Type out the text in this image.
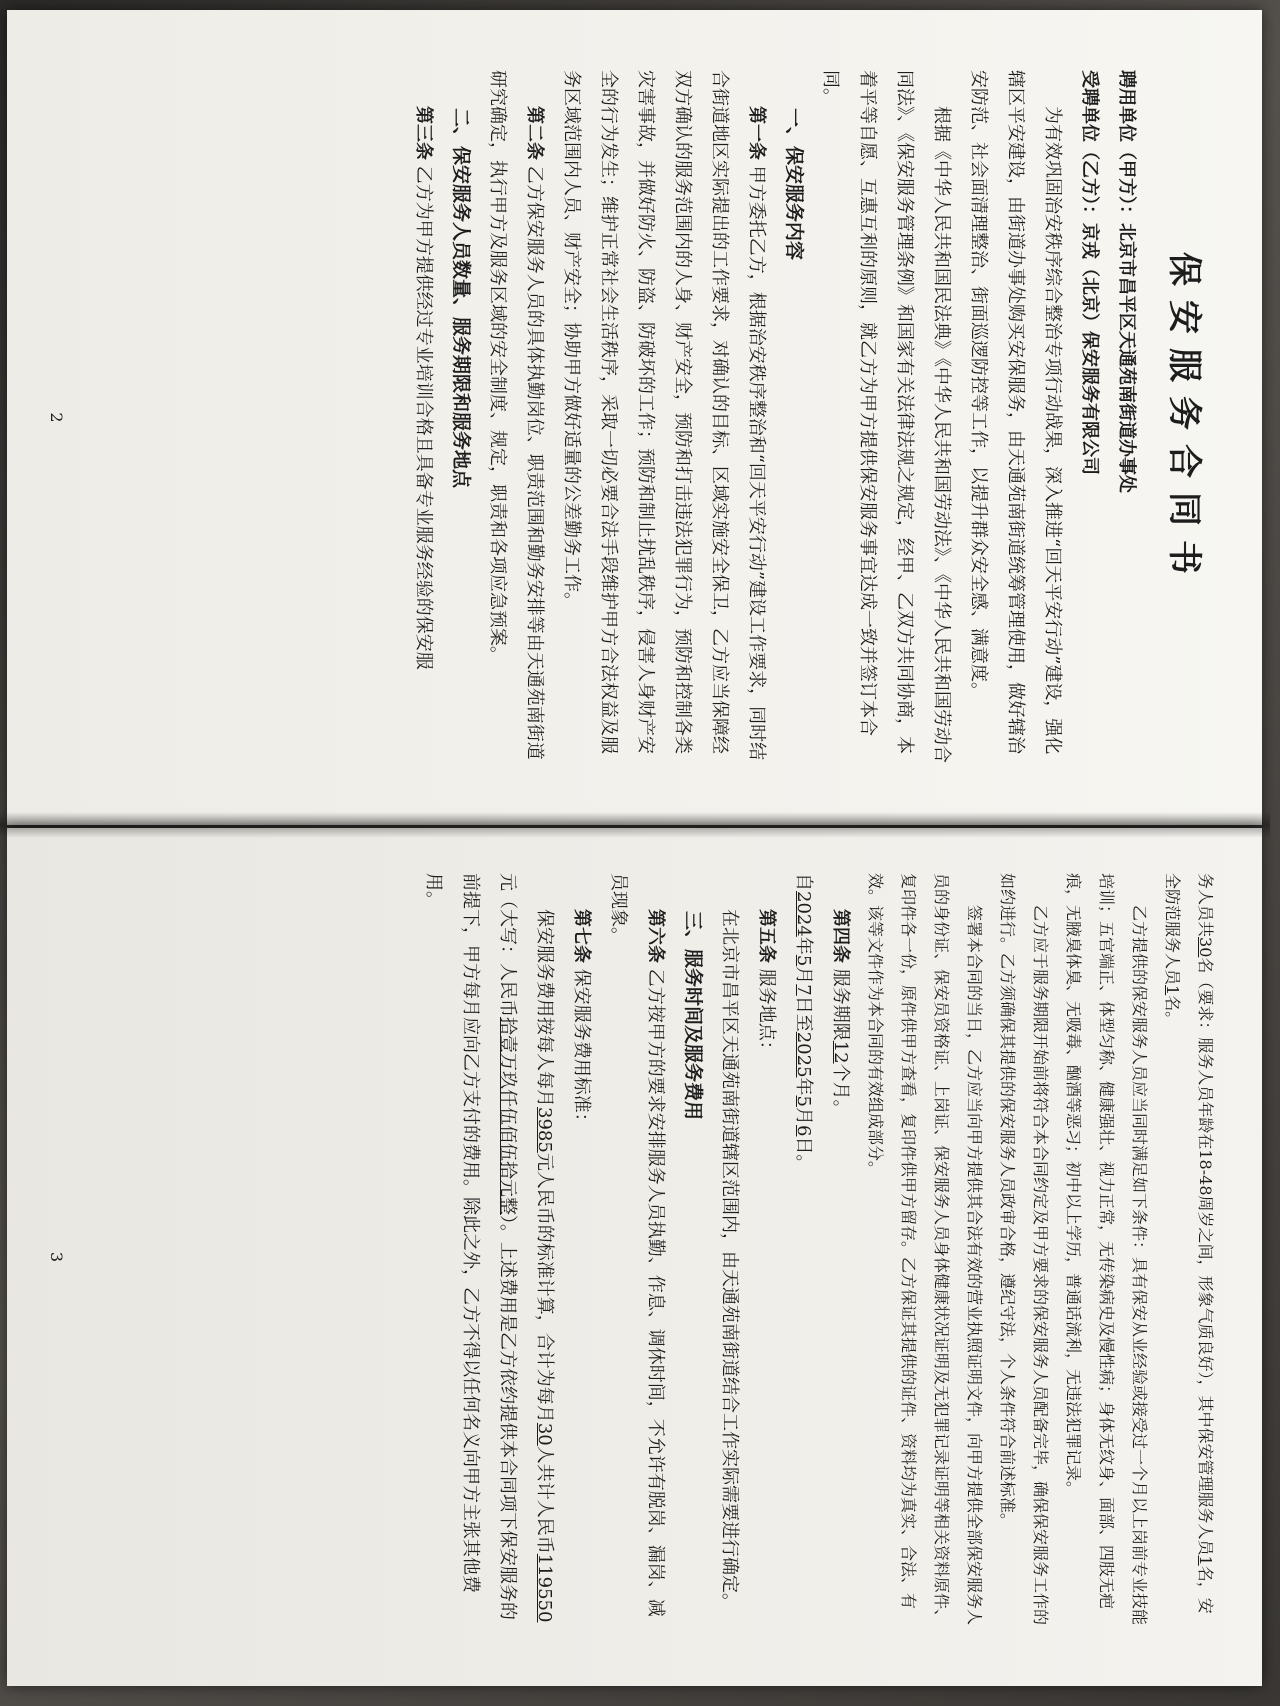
保安服务合同书

聘用单位（甲方）：北京市昌平区天通苑南街道办事处

受聘单位（乙方）：京戎（北京）保安服务有限公司

为有效巩固治安秩序综合整治专项行动战果，深入推进“回天平安行动”建设，强化辖区平安建设，由街道办事处购买安保服务，由天通苑南街道统筹管理使用，做好辖治安防范、社会面清理整治、街面巡逻防控等工作，以提升群众安全感、满意度。

根据《中华人民共和国民法典》《中华人民共和国劳动法》、《中华人民共和国劳动合同法》、《保安服务管理条例》和国家有关法律法规之规定，经甲、乙双方共同协商，本着平等自愿、互惠互利的原则，就乙方为甲方提供保安服务事宜达成一致并签订本合同。

一、保安服务内容

第一条 甲方委托乙方，根据治安秩序整治和“回天平安行动”建设工作要求，同时结合街道地区实际提出的工作要求，对确认的目标、区域实施安全保卫，乙方应当保障经双方确认的服务范围内的人身、财产安全，预防和打击违法犯罪行为，预防和控制各类灾害事故，并做好防火、防盗、防破坏的工作；预防和制止扰乱秩序，侵害人身财产安全的行为发生；维护正常社会生活秩序，采取一切必要合法手段维护甲方合法权益及服务区域范围内人员、财产安全；协助甲方做好适量的公差勤务工作。

第二条 乙方保安服务人员的具体执勤岗位、职责范围和勤务安排等由天通苑南街道研究确定，执行甲方及服务区域的安全制度、规定，职责和各项应急预案。

二、保安服务人员数量、服务期限和服务地点

第三条 乙方为甲方提供经过专业培训合格且具备专业服务经验的保安服

2

务人员共30名（要求：服务人员年龄在18-48周岁之间，形象气质良好），其中保安管理服务人员1名，安全防范服务人员1名。

乙方提供的保安服务人员应当同时满足如下条件：具有保安从业经验或接受过一个月以上岗前专业技能培训；五官端正、体型匀称、健康强壮、视力正常，无传染病史及慢性病；身体无纹身、面部、四肢无疤痕，无腋臭体臭、无吸毒、酗酒等恶习；初中以上学历，普通话流利，无违法犯罪记录。

乙方应于服务期限开始前将符合本合同约定及甲方要求的保安服务人员配备完毕，确保保安服务工作的如约进行。乙方须确保其提供的保安服务人员政审合格，遵纪守法，个人条件符合前述标准。

签署本合同的当日，乙方应当向甲方提供其合法有效的营业执照证明文件，向甲方提供全部保安服务人员的身份证、保安员资格证、上岗证、保安服务人员身体健康状况证明及无犯罪记录证明等相关资料原件、复印件各一份，原件供甲方查看，复印件供甲方留存。乙方保证其提供的证件、资料均为真实、合法、有效。该等文件作为本合同的有效组成部分。

第四条 服务期限12个月。

自2024年5月7日至2025年5月6日。

第五条 服务地点：

在北京市昌平区天通苑南街道辖区范围内，由天通苑南街道结合工作实际需要进行确定。

三、服务时间及服务费用

第六条 乙方按甲方的要求安排服务人员执勤、作息、调休时间，不允许有脱岗、漏岗、减员现象。

第七条 保安服务费用标准：

保安服务费用按每人每月3985元人民币的标准计算，合计为每月30人共计人民币119550元（大写：人民币拾壹万玖仟伍佰伍拾元整）。上述费用是乙方依约提供本合同项下保安服务的前提下，甲方每月应向乙方支付的费用。除此之外，乙方不得以任何名义向甲方主张其他费用。

3
